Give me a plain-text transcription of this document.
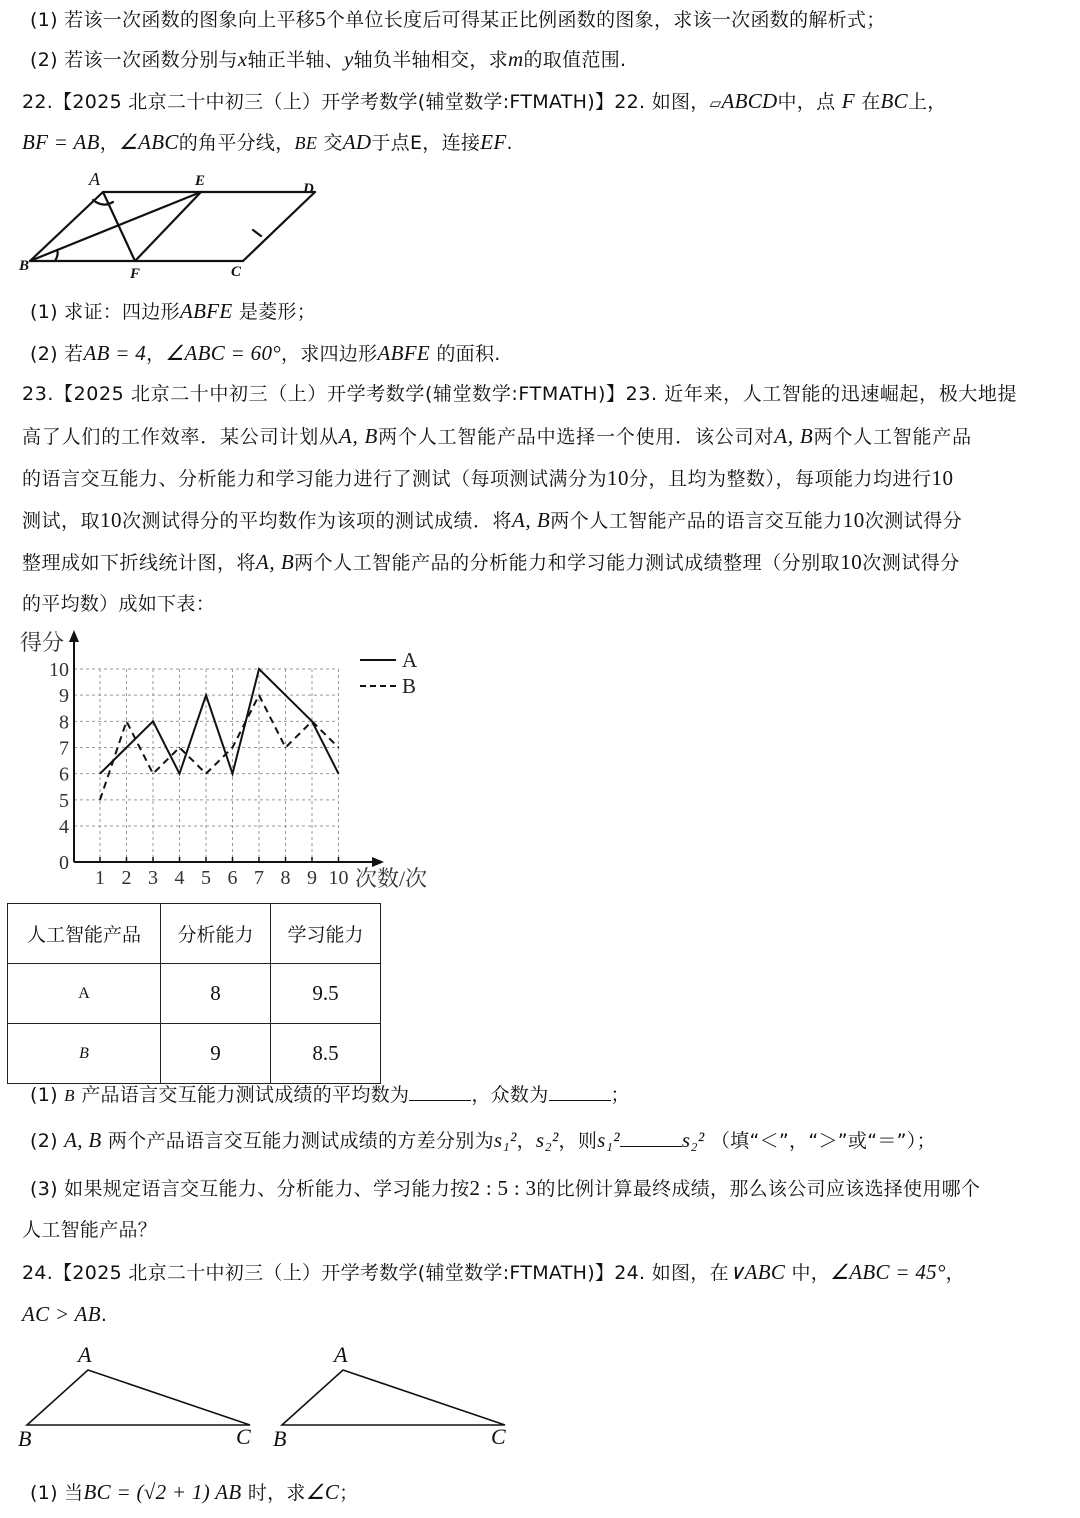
(1) 若该一次函数的图象向上平移5个单位长度后可得某正比例函数的图象，求该一次函数的解析式；
(2) 若该一次函数分别与x轴正半轴、y轴负半轴相交，求m的取值范围.
22.【2025 北京二十中初三（上）开学考数学(辅堂数学:FTMATH)】22. 如图，▱ABCD中，点 F 在BC上，
BF = AB，∠ABC的角平分线，BE 交AD于点E，连接EF.
A	E	D
B	F	C
(1) 求证：四边形ABFE 是菱形；
(2) 若AB = 4，∠ABC = 60°，求四边形ABFE 的面积.
23.【2025 北京二十中初三（上）开学考数学(辅堂数学:FTMATH)】23. 近年来，人工智能的迅速崛起，极大地提
高了人们的工作效率．某公司计划从A, B两个人工智能产品中选择一个使用．该公司对A, B两个人工智能产品
的语言交互能力、分析能力和学习能力进行了测试（每项测试满分为10分，且均为整数），每项能力均进行10
测试，取10次测试得分的平均数作为该项的测试成绩．将A, B两个人工智能产品的语言交互能力10次测试得分
整理成如下折线统计图，将A, B两个人工智能产品的分析能力和学习能力测试成绩整理（分别取10次测试得分
的平均数）成如下表：
1 2 3 4 5 6 7 8 9 10
0
4
5
6
7
8
9
10	A
B
得分
次数/次
人工智能产品	分析能力	学习能力
A	8	9.5
B	9	8.5
(1) B 产品语言交互能力测试成绩的平均数为	，众数为	；
(2) A, B 两个产品语言交互能力测试成绩的方差分别为s₁²，s₂²，则s₁²	s₂² （填“＜”，“＞”或“＝”）；
(3) 如果规定语言交互能力、分析能力、学习能力按2 : 5 : 3的比例计算最终成绩，那么该公司应该选择使用哪个
人工智能产品？
24.【2025 北京二十中初三（上）开学考数学(辅堂数学:FTMATH)】24. 如图，在∨ABC 中，∠ABC = 45°，
AC > AB.
A
B	C
A
B	C
(1) 当BC = (√2 + 1) AB 时，求∠C；
